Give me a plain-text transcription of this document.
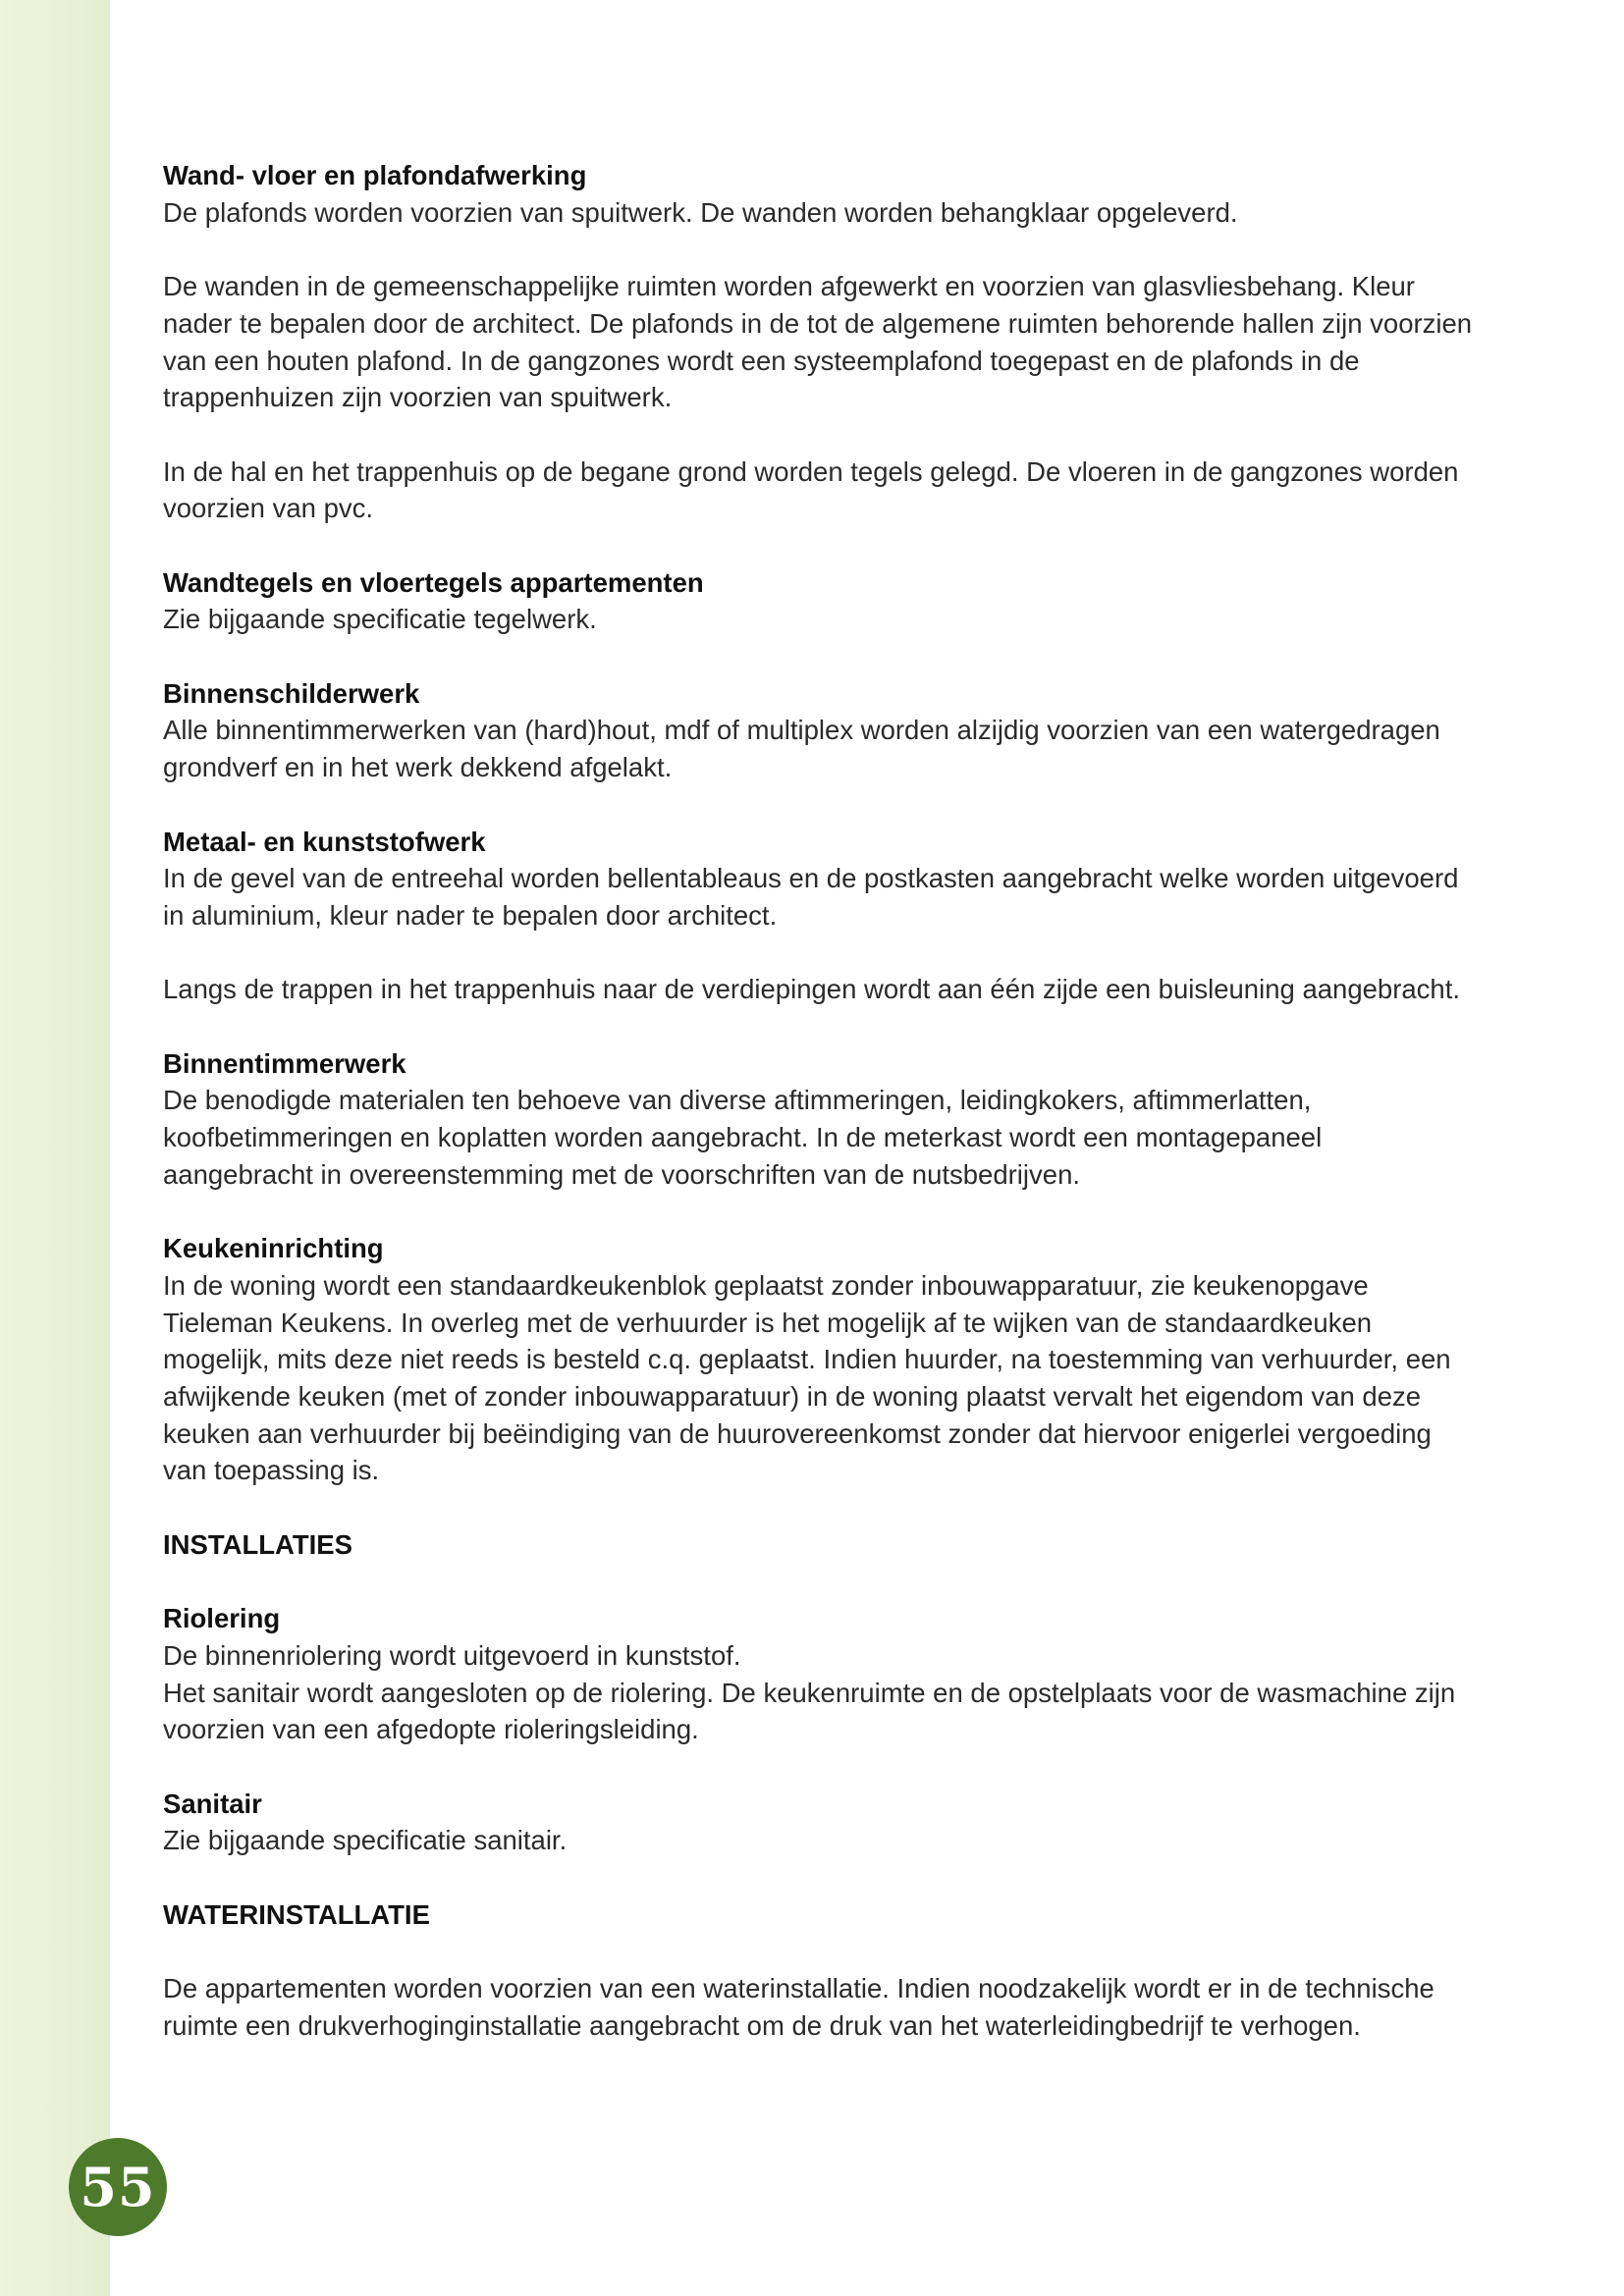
Wand- vloer en plafondafwerking

De plafonds worden voorzien van spuitwerk. De wanden worden behangklaar opgeleverd.

De wanden in de gemeenschappelijke ruimten worden afgewerkt en voorzien van glasvliesbehang. Kleur nader te bepalen door de architect. De plafonds in de tot de algemene ruimten behorende hallen zijn voorzien van een houten plafond. In de gangzones wordt een systeemplafond toegepast en de plafonds in de trappenhuizen zijn voorzien van spuitwerk.

In de hal en het trappenhuis op de begane grond worden tegels gelegd. De vloeren in de gangzones worden voorzien van pvc.

Wandtegels en vloertegels appartementen

Zie bijgaande specificatie tegelwerk.

Binnenschilderwerk

Alle binnentimmerwerken van (hard)hout, mdf of multiplex worden alzijdig voorzien van een watergedragen grondverf en in het werk dekkend afgelakt.

Metaal- en kunststofwerk

In de gevel van de entreehal worden bellentableaus en de postkasten aangebracht welke worden uitgevoerd in aluminium, kleur nader te bepalen door architect.

Langs de trappen in het trappenhuis naar de verdiepingen wordt aan één zijde een buisleuning aangebracht.

Binnentimmerwerk

De benodigde materialen ten behoeve van diverse aftimmeringen, leidingkokers, aftimmerlatten, koofbetimmeringen en koplatten worden aangebracht. In de meterkast wordt een montagepaneel aangebracht in overeenstemming met de voorschriften van de nutsbedrijven.

Keukeninrichting

In de woning wordt een standaardkeukenblok geplaatst zonder inbouwapparatuur, zie keukenopgave Tieleman Keukens. In overleg met de verhuurder is het mogelijk af te wijken van de standaardkeuken mogelijk, mits deze niet reeds is besteld c.q. geplaatst. Indien huurder, na toestemming van verhuurder, een afwijkende keuken (met of zonder inbouwapparatuur) in de woning plaatst vervalt het eigendom van deze keuken aan verhuurder bij beëindiging van de huurovereenkomst zonder dat hiervoor enigerlei vergoeding van toepassing is.

INSTALLATIES
Riolering

De binnenriolering wordt uitgevoerd in kunststof.

Het sanitair wordt aangesloten op de riolering. De keukenruimte en de opstelplaats voor de wasmachine zijn voorzien van een afgedopte rioleringsleiding.

Sanitair

Zie bijgaande specificatie sanitair.

WATERINSTALLATIE

De appartementen worden voorzien van een waterinstallatie. Indien noodzakelijk wordt er in de technische ruimte een drukverhoginginstallatie aangebracht om de druk van het waterleidingbedrijf te verhogen.

55
